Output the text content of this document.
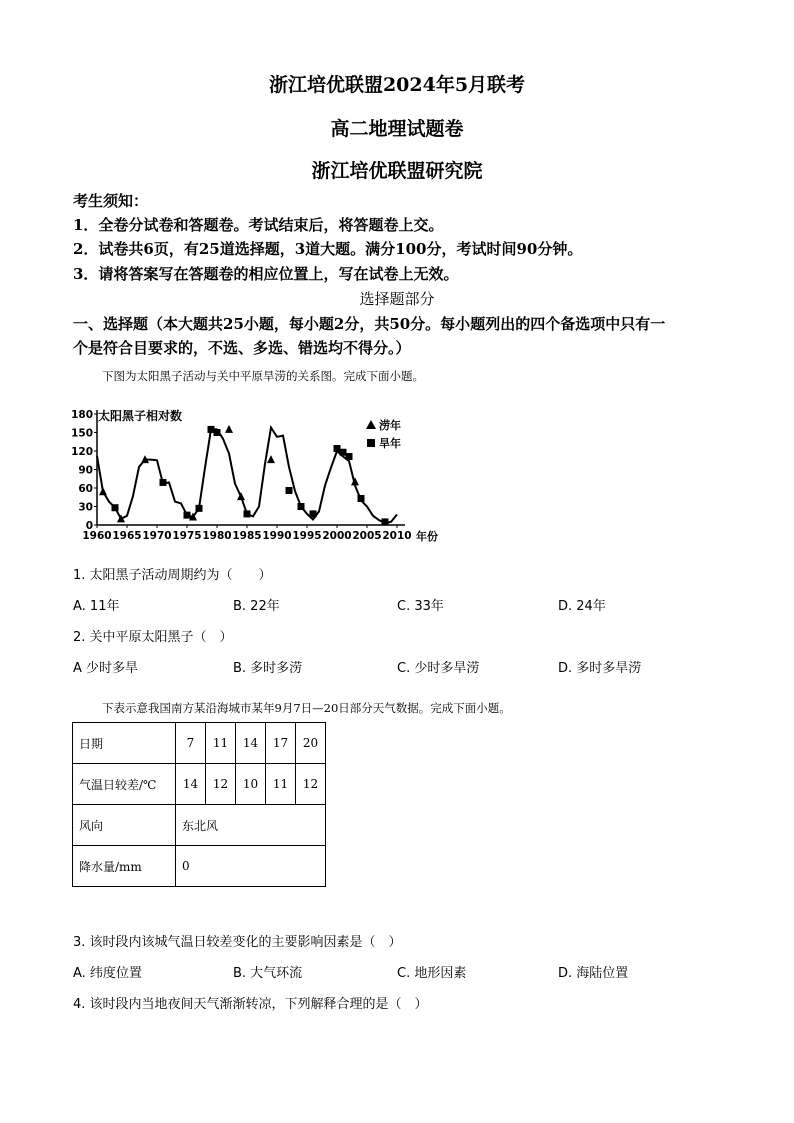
浙江培优联盟2024年5月联考
高二地理试题卷
浙江培优联盟研究院
考生须知：
1．全卷分试卷和答题卷。考试结束后，将答题卷上交。
2．试卷共6页，有25道选择题，3道大题。满分100分，考试时间90分钟。
3．请将答案写在答题卷的相应位置上，写在试卷上无效。
选择题部分
一、选择题（本大题共25小题，每小题2分，共50分。每小题列出的四个备选项中只有一
个是符合目要求的，不选、多选、错选均不得分。）
下图为太阳黑子活动与关中平原旱涝的关系图。完成下面小题。
1960 1965 1970 1975 1980 1985 1990 1995 2000 2005 2010
0
30
60
90
120
150
180 太阳黑子相对数
涝年
旱年
年份
1. 太阳黑子活动周期约为（　　）
A. 11年	B. 22年	C. 33年	D. 24年
2. 关中平原太阳黑子（　）
A 少时多旱	B. 多时多涝	C. 少时多旱涝	D. 多时多旱涝
下表示意我国南方某沿海城市某年9月7日—20日部分天气数据。完成下面小题。
日期	7	11	14	17	20
气温日较差/℃	14	12	10	11	12
风向	东北风				
降水量/mm	0				
3. 该时段内该城气温日较差变化的主要影响因素是（　）
A. 纬度位置	B. 大气环流	C. 地形因素	D. 海陆位置
4. 该时段内当地夜间天气渐渐转凉，下列解释合理的是（　）
